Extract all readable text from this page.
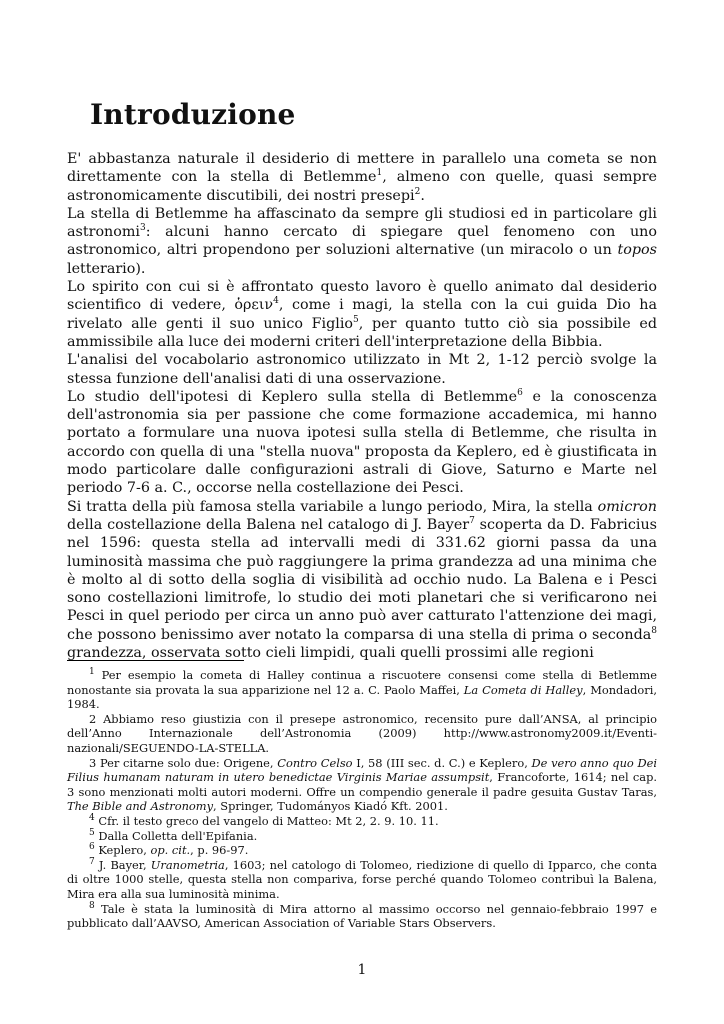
Introduzione

E' abbastanza naturale il desiderio di mettere in parallelo una cometa se non direttamente con la stella di Betlemme$^1$, almeno con quelle, quasi sempre astronomicamente discutibili, dei nostri presepi$^2$.

La stella di Betlemme ha affascinato da sempre gli studiosi ed in particolare gli astronomi$^3$: alcuni hanno cercato di spiegare quel fenomeno con uno astronomico, altri propendono per soluzioni alternative (un miracolo o un topos letterario).

Lo spirito con cui si è affrontato questo lavoro è quello animato dal desiderio scientifico di vedere, ὁρειν$^4$, come i magi, la stella con la cui guida Dio ha rivelato alle genti il suo unico Figlio$^5$, per quanto tutto ciò sia possibile ed ammissibile alla luce dei moderni criteri dell'interpretazione della Bibbia.

L'analisi del vocabolario astronomico utilizzato in Mt 2, 1-12 perciò svolge la stessa funzione dell'analisi dati di una osservazione.

Lo studio dell'ipotesi di Keplero sulla stella di Betlemme$^6$ e la conoscenza dell'astronomia sia per passione che come formazione accademica, mi hanno portato a formulare una nuova ipotesi sulla stella di Betlemme, che risulta in accordo con quella di una "stella nuova" proposta da Keplero, ed è giustificata in modo particolare dalle configurazioni astrali di Giove, Saturno e Marte nel periodo 7-6 a. C., occorse nella costellazione dei Pesci.

Si tratta della più famosa stella variabile a lungo periodo, Mira, la stella omicron della costellazione della Balena nel catalogo di J. Bayer$^7$ scoperta da D. Fabricius nel 1596: questa stella ad intervalli medi di 331.62 giorni passa da una luminosità massima che può raggiungere la prima grandezza ad una minima che è molto al di sotto della soglia di visibilità ad occhio nudo. La Balena e i Pesci sono costellazioni limitrofe, lo studio dei moti planetari che si verificarono nei Pesci in quel periodo per circa un anno può aver catturato l'attenzione dei magi, che possono benissimo aver notato la comparsa di una stella di prima o seconda$^8$ grandezza, osservata sotto cieli limpidi, quali quelli prossimi alle regioni

$^1$ Per esempio la cometa di Halley continua a riscuotere consensi come stella di Betlemme nonostante sia provata la sua apparizione nel 12 a. C. Paolo Maffei, La Cometa di Halley, Mondadori, 1984.

2 Abbiamo reso giustizia con il presepe astronomico, recensito pure dall’ANSA, al principio dell’Anno Internazionale dell’Astronomia (2009) http://www.astronomy2009.it/Eventi-nazionali/SEGUENDO-LA-STELLA.

3 Per citarne solo due: Origene, Contro Celso I, 58 (III sec. d. C.) e Keplero, De vero anno quo Dei Filius humanam naturam in utero benedictae Virginis Mariae assumpsit, Francoforte, 1614; nel cap. 3 sono menzionati molti autori moderni. Offre un compendio generale il padre gesuita Gustav Taras, The Bible and Astronomy, Springer, Tudományos Kiadó Kft. 2001.

$^4$ Cfr. il testo greco del vangelo di Matteo: Mt 2, 2. 9. 10. 11.

$^5$ Dalla Colletta dell'Epifania.

$^6$ Keplero, op. cit., p. 96-97.

$^7$ J. Bayer, Uranometria, 1603; nel catologo di Tolomeo, riedizione di quello di Ipparco, che conta di oltre 1000 stelle, questa stella non compariva, forse perché quando Tolomeo contribuì la Balena, Mira era alla sua luminosità minima.

$^8$ Tale è stata la luminosità di Mira attorno al massimo occorso nel gennaio-febbraio 1997 e pubblicato dall’AAVSO, American Association of Variable Stars Observers.

1
